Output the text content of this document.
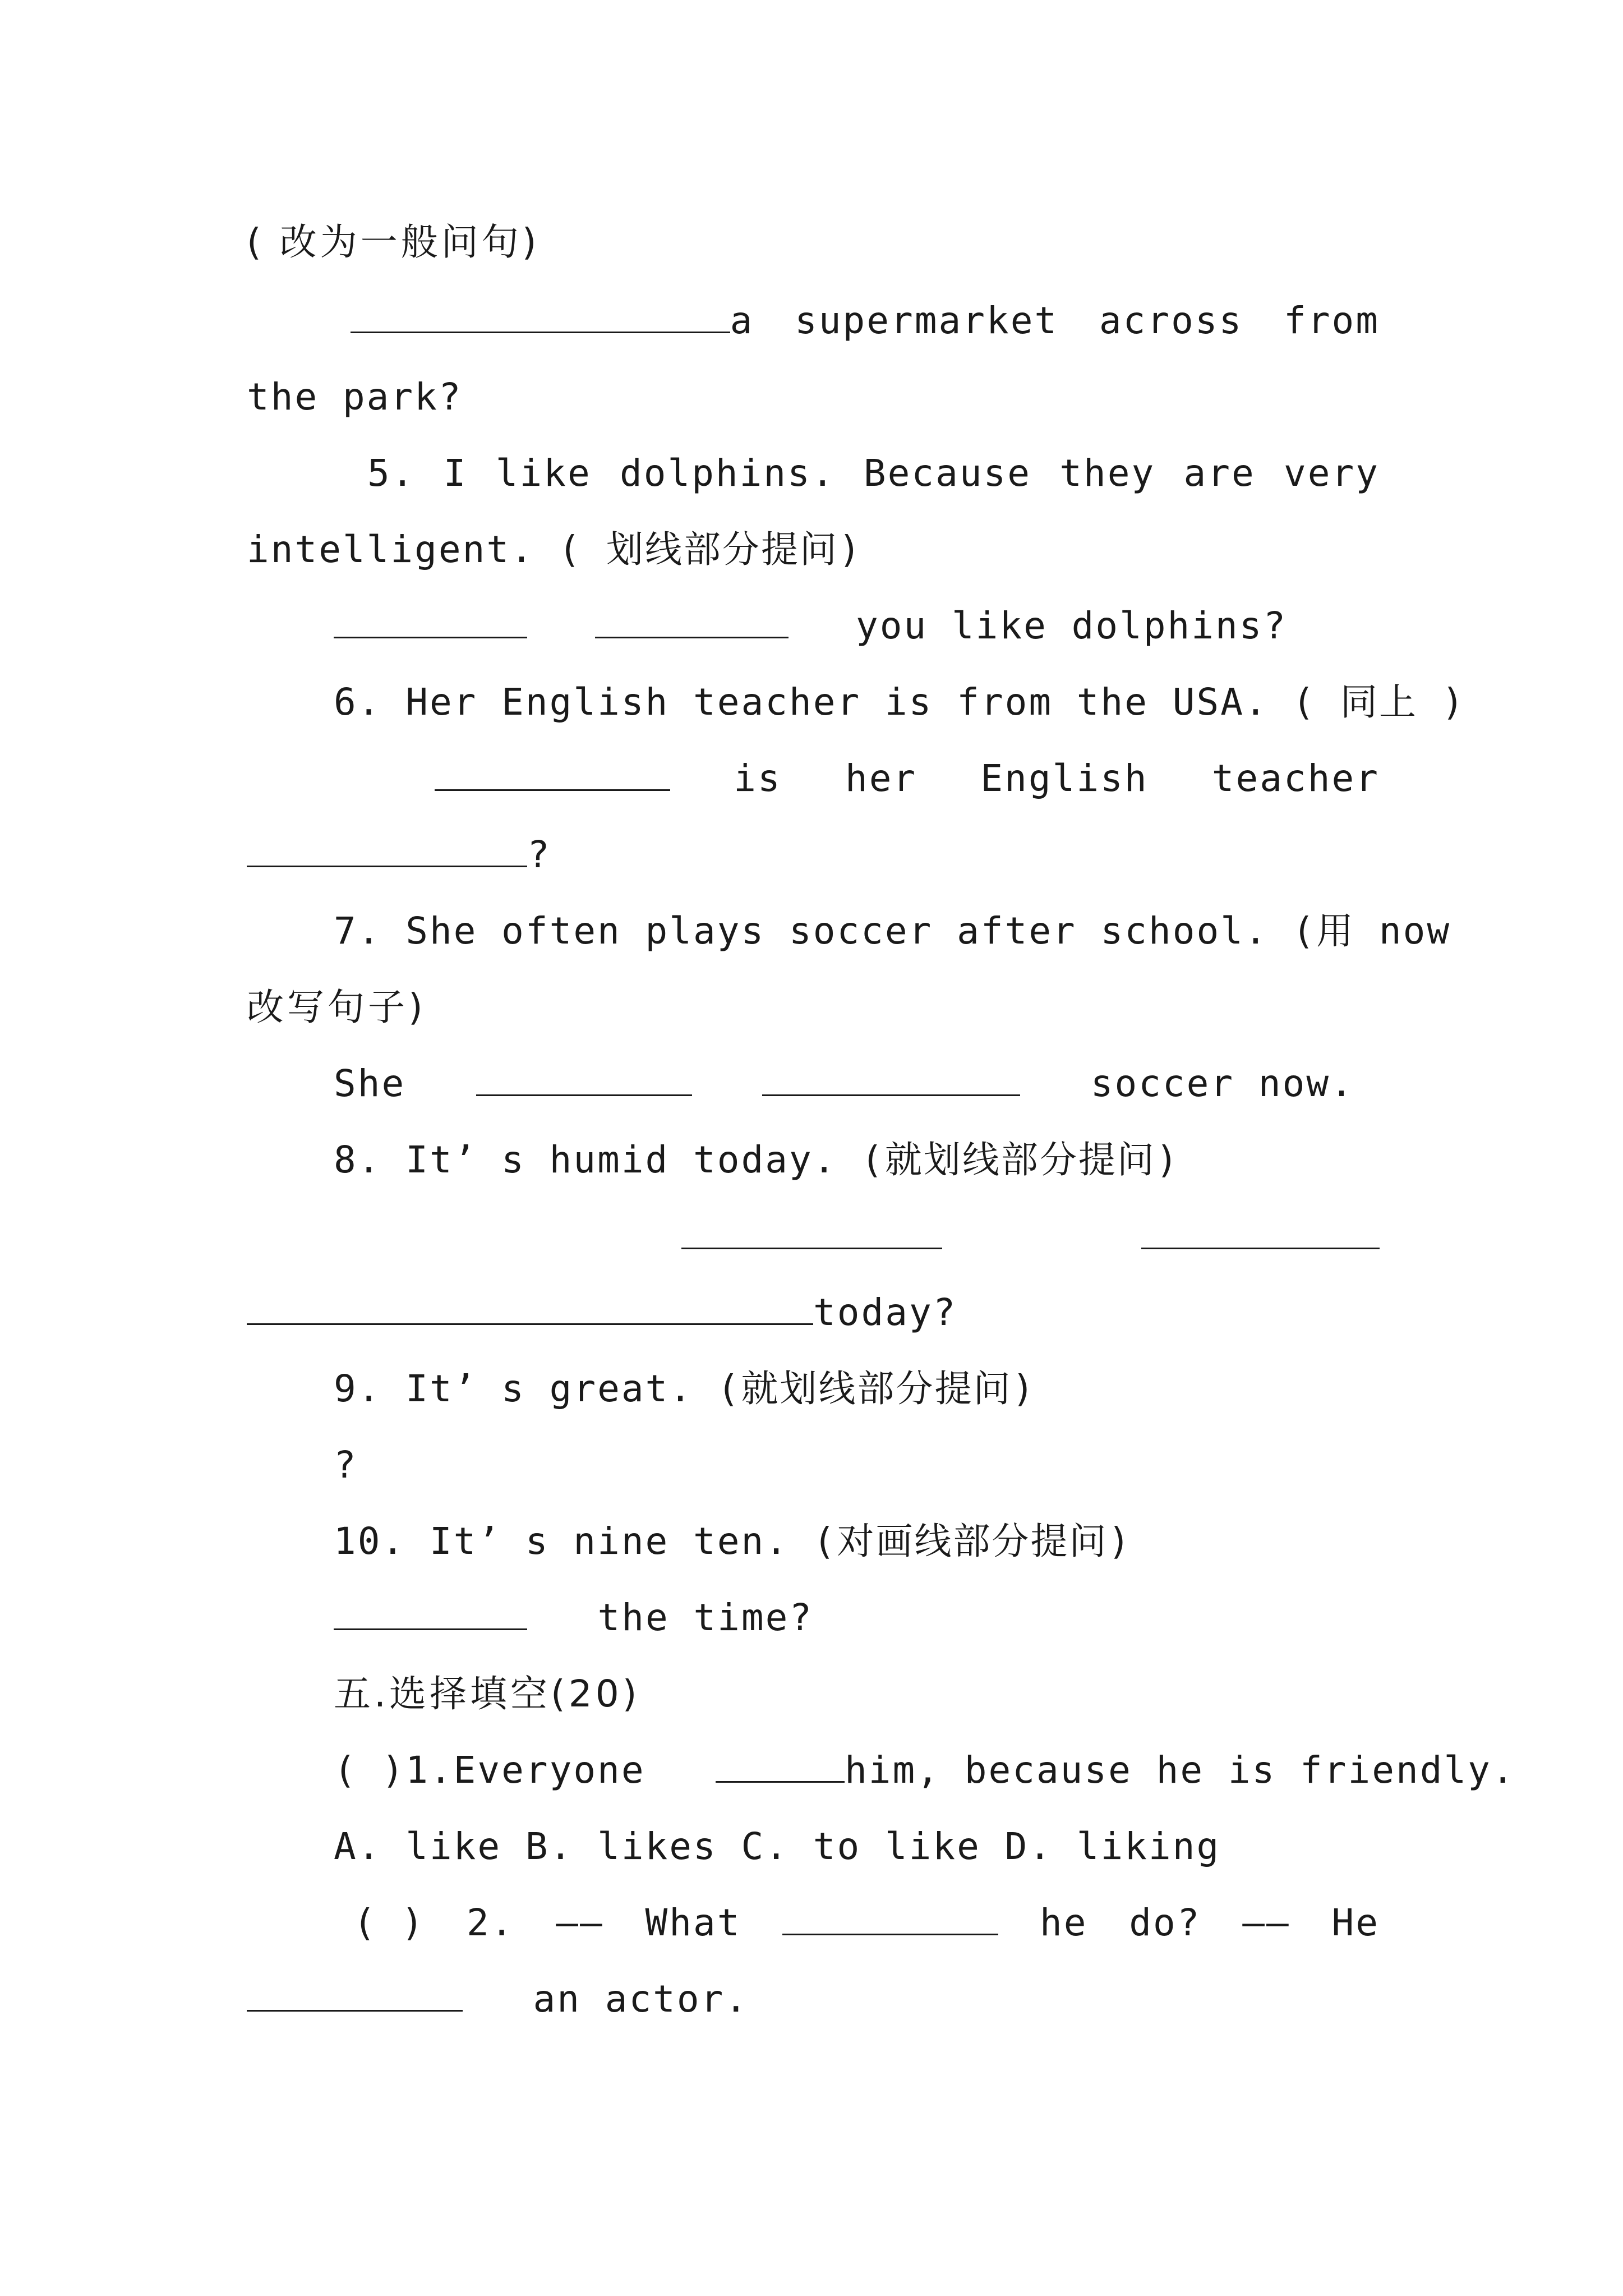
( 改为一般问句)
a supermarket across from
the park?
5. I like dolphins. Because they are very
intelligent. ( 划线部分提问)
you like dolphins?
6. Her English teacher is from the USA. ( 同上 )
is her English teacher
?
7. She often plays soccer after school. (用 now
改写句子)
She	soccer now.
8. It’ s humid today. (就划线部分提问)
today?
9. It’ s great. (就划线部分提问)
?
10. It’ s nine ten. (对画线部分提问)
the time?
五.选择填空(20)
( )1.Everyone	him, because he is friendly.
A. like B. likes C. to like D. liking
( ) 2. —— What	he do? —— He
an actor.
